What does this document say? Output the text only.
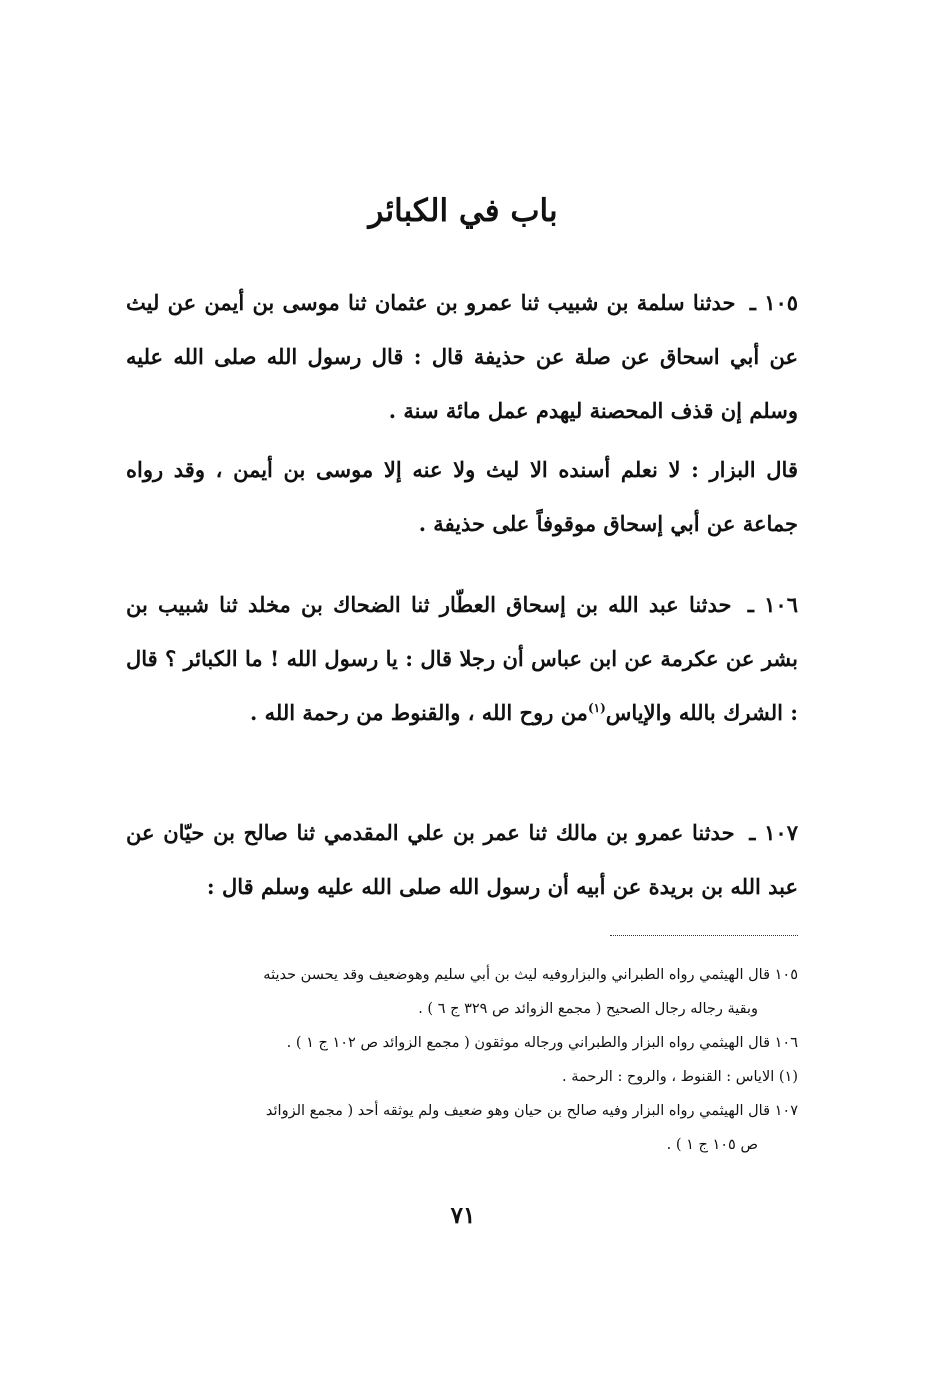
باب في الكبائر

١٠٥ ـ حدثنا سلمة بن شبيب ثنا عمرو بن عثمان ثنا موسى بن أيمن عن ليث عن أبي اسحاق عن صلة عن حذيفة قال : قال رسول الله صلى الله عليه وسلم إن قذف المحصنة ليهدم عمل مائة سنة .

قال البزار : لا نعلم أسنده الا ليث ولا عنه إلا موسى بن أيمن ، وقد رواه جماعة عن أبي إسحاق موقوفاً على حذيفة .

١٠٦ ـ حدثنا عبد الله بن إسحاق العطّار ثنا الضحاك بن مخلد ثنا شبيب بن بشر عن عكرمة عن ابن عباس أن رجلا قال : يا رسول الله ! ما الكبائر ؟ قال : الشرك بالله والإياس$^{(١)}$من روح الله ، والقنوط من رحمة الله .

١٠٧ ـ حدثنا عمرو بن مالك ثنا عمر بن علي المقدمي ثنا صالح بن حيّان عن عبد الله بن بريدة عن أبيه أن رسول الله صلى الله عليه وسلم قال :

١٠٥ قال الهيثمي رواه الطبراني والبزاروفيه ليث بن أبي سليم وهوضعيف وقد يحسن حديثه
وبقية رجاله رجال الصحيح ( مجمع الزوائد ص ٣٢٩ ج ٦ ) .

١٠٦ قال الهيثمي رواه البزار والطبراني ورجاله موثقون ( مجمع الزوائد ص ١٠٢ ج ١ ) .

(١) الاياس : القنوط ، والروح : الرحمة .

١٠٧ قال الهيثمي رواه البزار وفيه صالح بن حيان وهو ضعيف ولم يوثقه أحد ( مجمع الزوائد
ص ١٠٥ ج ١ ) .

٧١
